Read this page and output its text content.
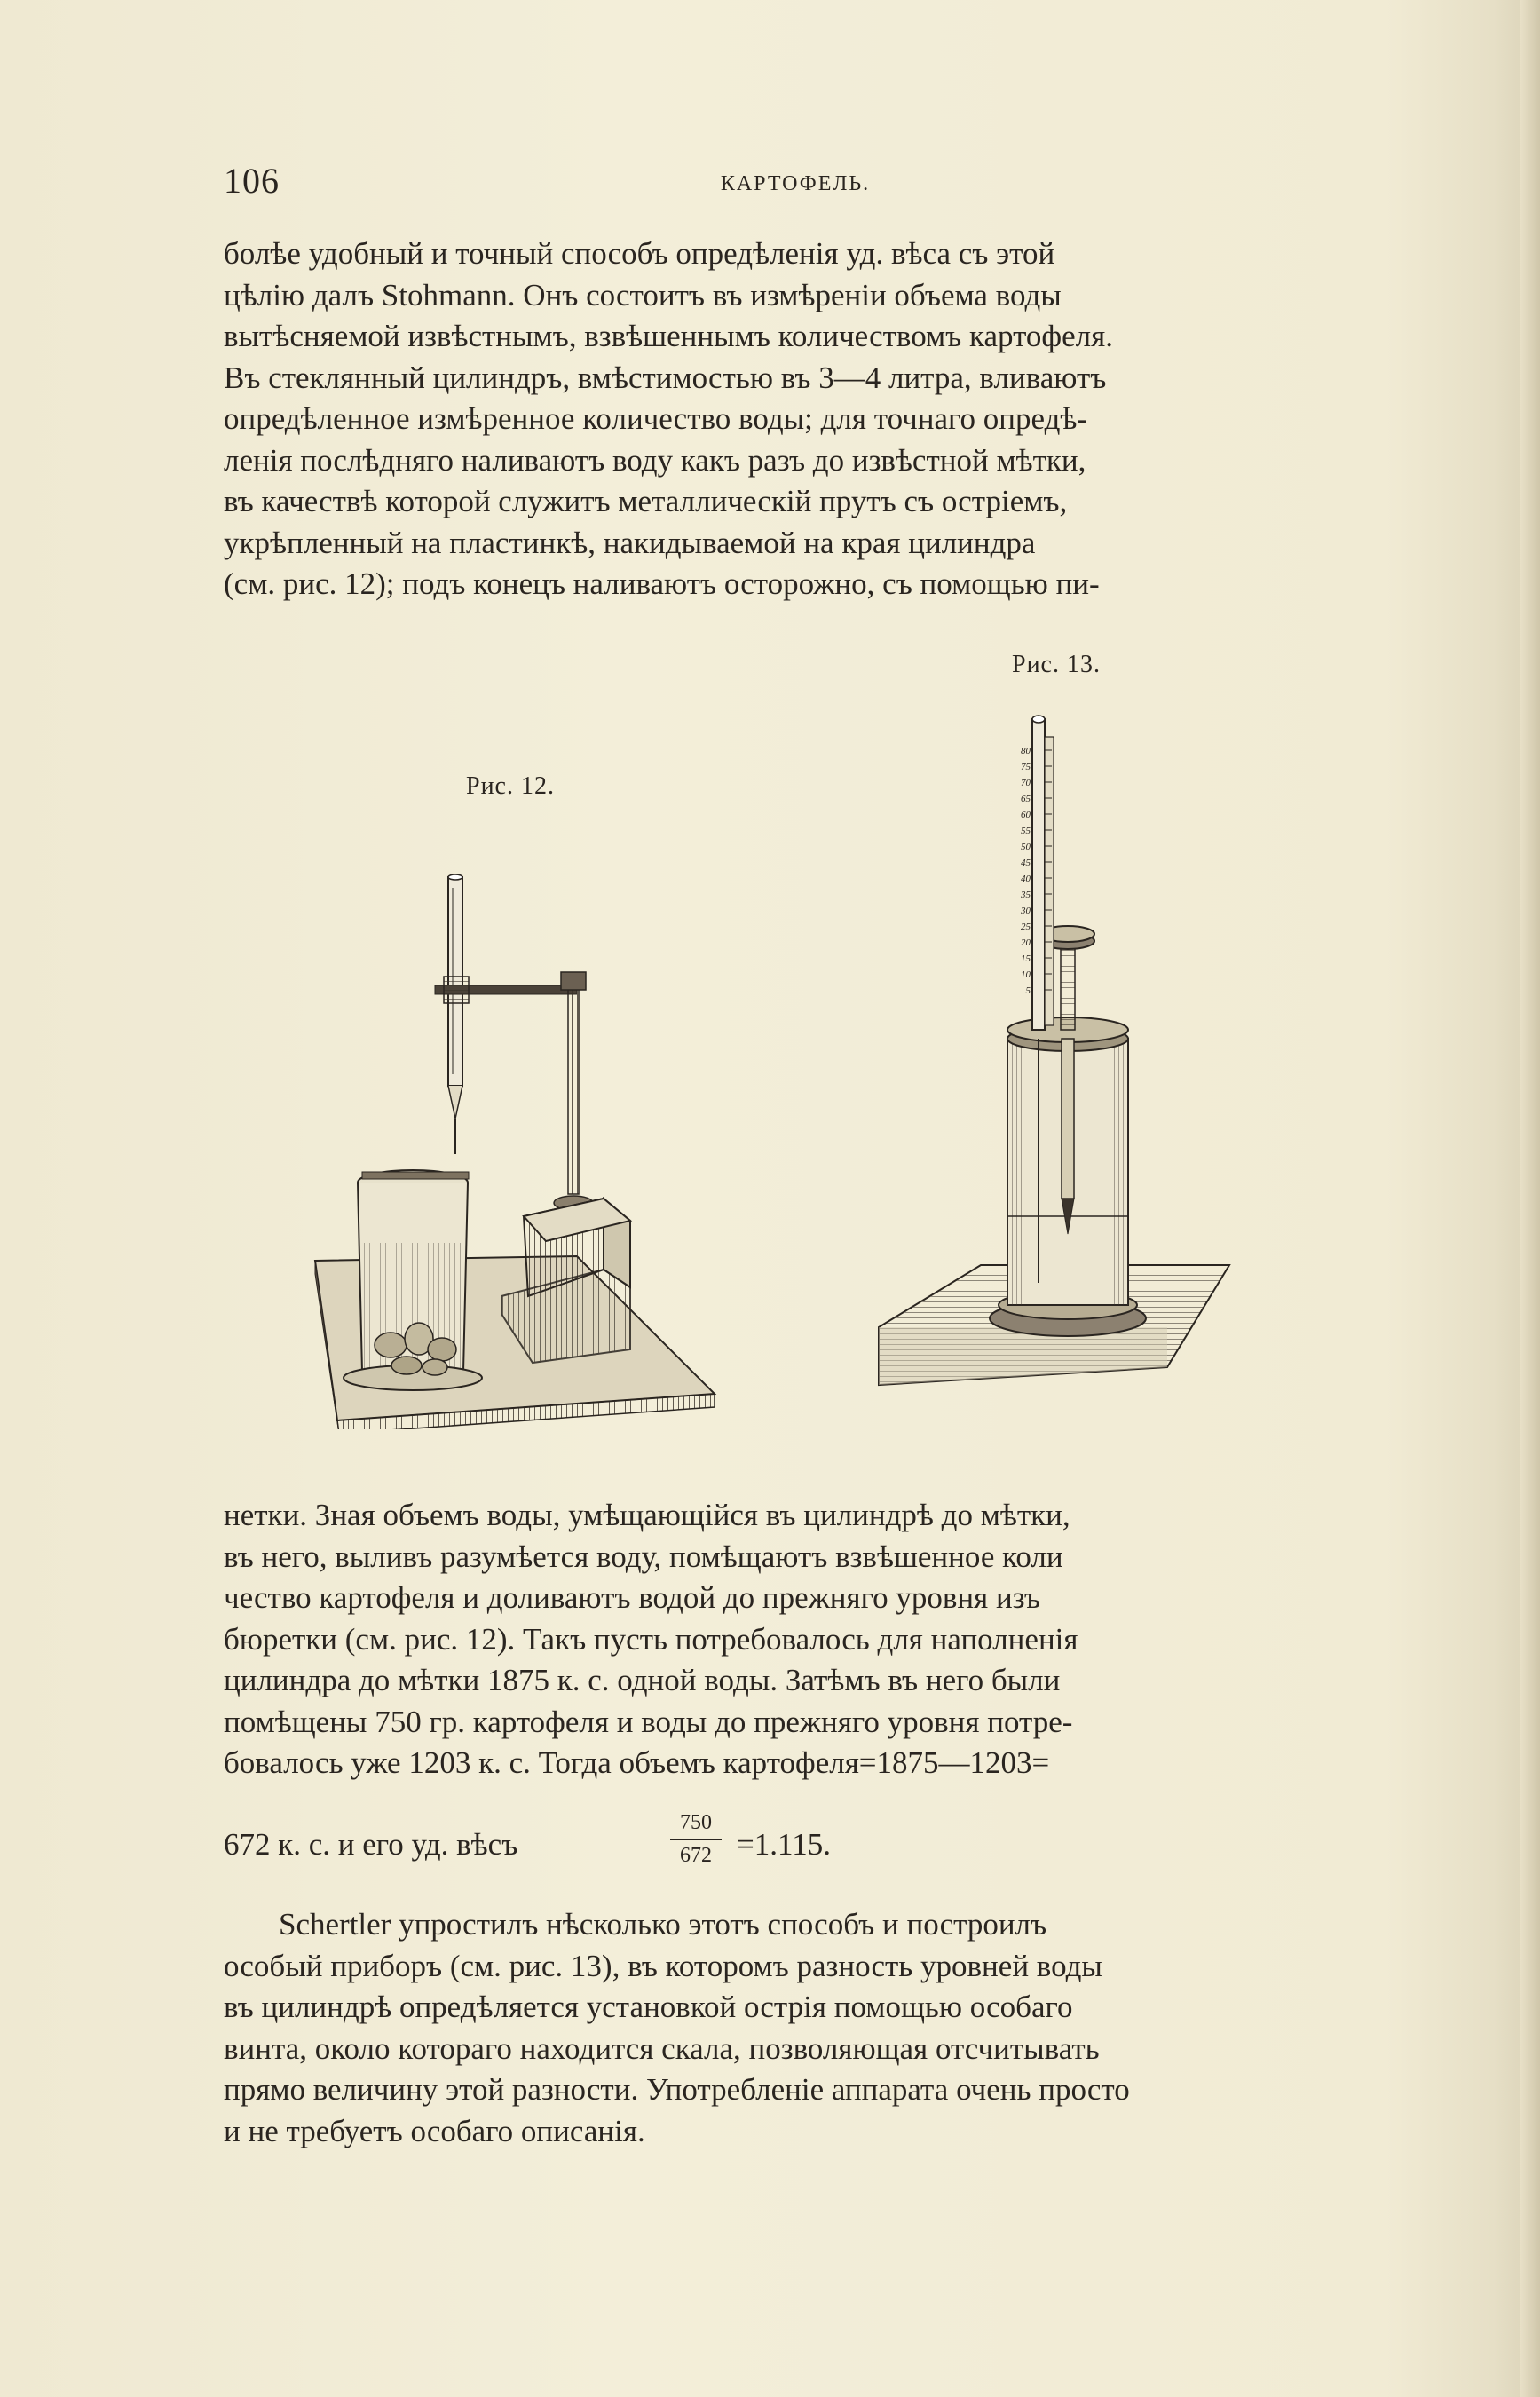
106	КАРТОФЕЛЬ.

болѣе удобный и точный способъ опредѣленія уд. вѣса съ этой

цѣлію далъ Stohmann. Онъ состоитъ въ измѣреніи объема воды

вытѣсняемой извѣстнымъ, взвѣшеннымъ количествомъ картофеля.

Въ стеклянный цилиндръ, вмѣстимостью въ 3—4 литра, вливаютъ

опредѣленное измѣренное количество воды; для точнаго опредѣ-

ленія послѣдняго наливаютъ воду какъ разъ до извѣстной мѣтки,

въ качествѣ которой служитъ металлическій прутъ съ остріемъ,

укрѣпленный на пластинкѣ, накидываемой на края цилиндра

(см. рис. 12); подъ конецъ наливаютъ осторожно, съ помощью пи-

Рис. 13.
Рис. 12.
80
75
70
65
60
55
50
45
40
35
30
25
20
15
10
5

нетки. Зная объемъ воды, умѣщающійся въ цилиндрѣ до мѣтки,

въ него, выливъ разумѣется воду, помѣщаютъ взвѣшенное коли

чество картофеля и доливаютъ водой до прежняго уровня изъ

бюретки (см. рис. 12). Такъ пусть потребовалось для наполненія

цилиндра до мѣтки 1875 к. с. одной воды. Затѣмъ въ него были

помѣщены 750 гр. картофеля и воды до прежняго уровня потре-

бовалось уже 1203 к. с. Тогда объемъ картофеля=1875—1203=

672 к. с. и его уд. вѣсъ
750
672 =1.115.

Schertler упростилъ нѣсколько этотъ способъ и построилъ

особый приборъ (см. рис. 13), въ которомъ разность уровней воды

въ цилиндрѣ опредѣляется установкой острія помощью особаго

винта, около котораго находится скала, позволяющая отсчитывать

прямо величину этой разности. Употребленіе аппарата очень просто

и не требуетъ особаго описанія.
